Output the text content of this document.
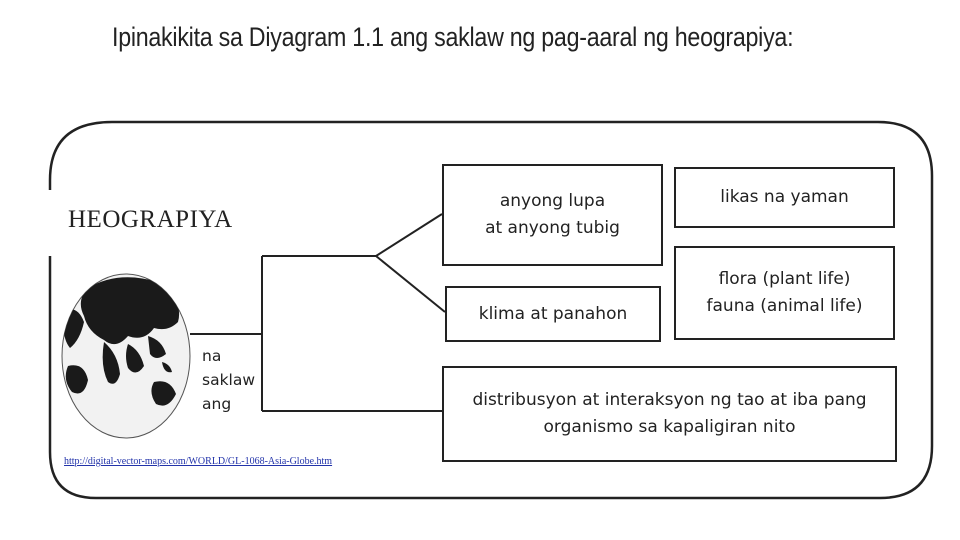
Ipinakikita sa Diyagram 1.1 ang saklaw ng pag-aaral ng heograpiya:
HEOGRAPIYA
na
saklaw
ang
anyong lupa
at anyong tubig
likas na yaman
klima at panahon
flora (plant life)
fauna (animal life)
distribusyon at interaksyon ng tao at iba pang
organismo sa kapaligiran nito
http://digital-vector-maps.com/WORLD/GL-1068-Asia-Globe.htm
